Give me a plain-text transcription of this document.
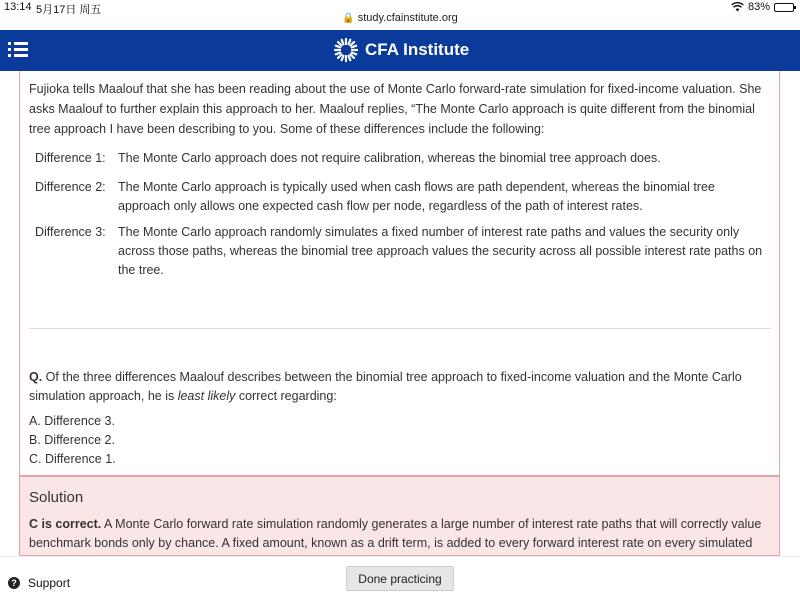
13:14 5月17日 周五	83%
🔒 study.cfainstitute.org
CFA Institute

Fujioka tells Maalouf that she has been reading about the use of Monte Carlo forward-rate simulation for fixed-income valuation. She asks Maalouf to further explain this approach to her. Maalouf replies, “The Monte Carlo approach is quite different from the binomial tree approach I have been describing to you. Some of these differences include the following:

Difference 1: The Monte Carlo approach does not require calibration, whereas the binomial tree approach does.
Difference 2: The Monte Carlo approach is typically used when cash flows are path dependent, whereas the binomial tree approach only allows one expected cash flow per node, regardless of the path of interest rates.
Difference 3: The Monte Carlo approach randomly simulates a fixed number of interest rate paths and values the security only across those paths, whereas the binomial tree approach values the security across all possible interest rate paths on the tree.

Q. Of the three differences Maalouf describes between the binomial tree approach to fixed-income valuation and the Monte Carlo simulation approach, he is least likely correct regarding:

A. Difference 3.
B. Difference 2.
C. Difference 1.
Solution

C is correct. A Monte Carlo forward rate simulation randomly generates a large number of interest rate paths that will correctly value benchmark bonds only by chance. A fixed amount, known as a drift term, is added to every forward interest rate on every simulated

? Support	Done practicing
